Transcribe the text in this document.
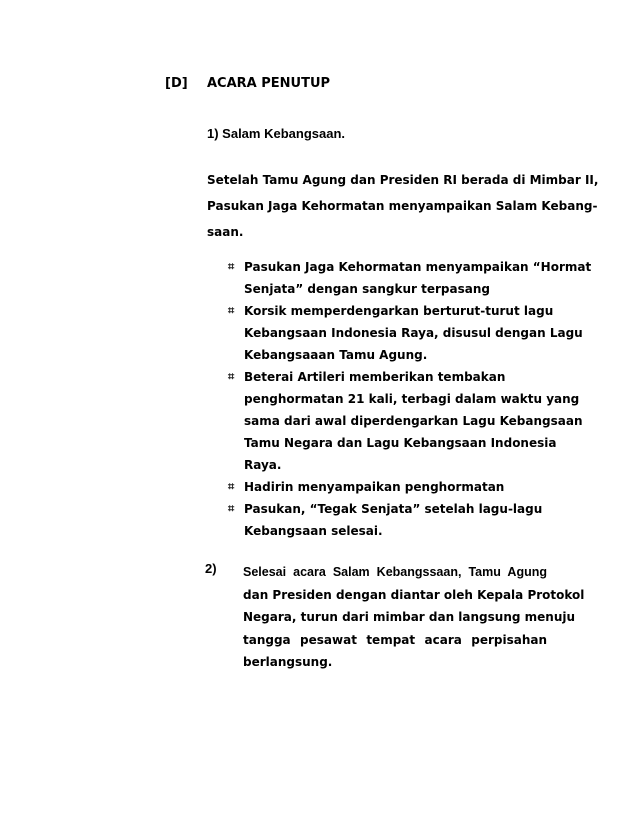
[D] ACARA PENUTUP
1) Salam Kebangsaan.
Setelah Tamu Agung dan Presiden RI berada di Mimbar II,
Pasukan Jaga Kehormatan menyampaikan Salam Kebang-
saan.
⌗ Pasukan Jaga Kehormatan menyampaikan “Hormat
Senjata” dengan sangkur terpasang
⌗ Korsik memperdengarkan berturut-turut lagu
Kebangsaan Indonesia Raya, disusul dengan Lagu
Kebangsaaan Tamu Agung.
⌗ Beterai Artileri memberikan tembakan
penghormatan 21 kali, terbagi dalam waktu yang
sama dari awal diperdengarkan Lagu Kebangsaan
Tamu Negara dan Lagu Kebangsaan Indonesia
Raya.
⌗ Hadirin menyampaikan penghormatan
⌗ Pasukan, “Tegak Senjata” setelah lagu-lagu
Kebangsaan selesai.
2) Selesai acara Salam Kebangssaan, Tamu Agung
dan Presiden dengan diantar oleh Kepala Protokol
Negara, turun dari mimbar dan langsung menuju
tangga pesawat tempat acara perpisahan
berlangsung.
